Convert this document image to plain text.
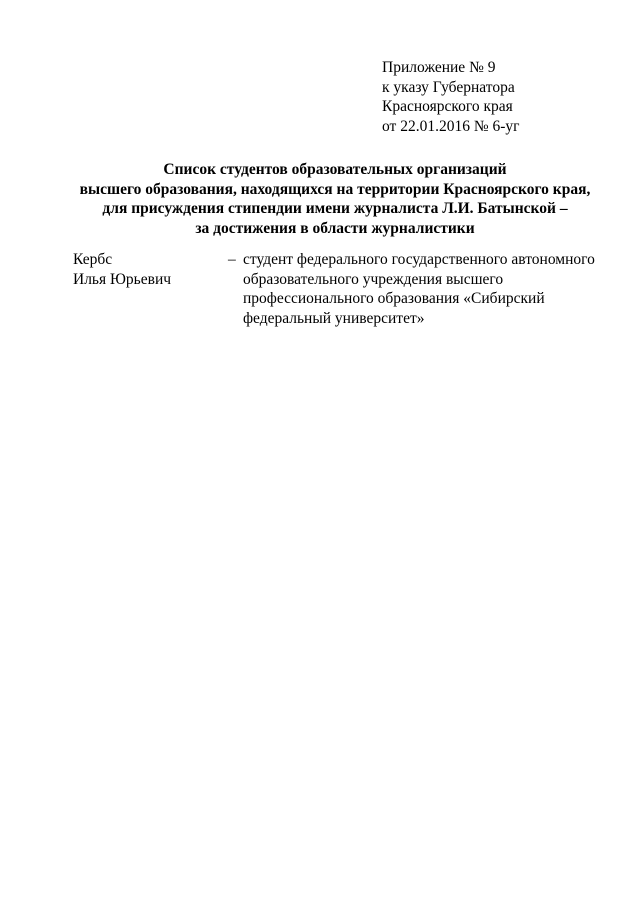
Приложение № 9
к указу Губернатора
Красноярского края
от 22.01.2016 № 6-уг
Список студентов образовательных организаций
высшего образования, находящихся на территории Красноярского края,
для присуждения стипендии имени журналиста Л.И. Батынской –
за достижения в области журналистики
Кербс
Илья Юрьевич
– студент федерального государственного автономного
образовательного учреждения высшего
профессионального образования «Сибирский
федеральный университет»
